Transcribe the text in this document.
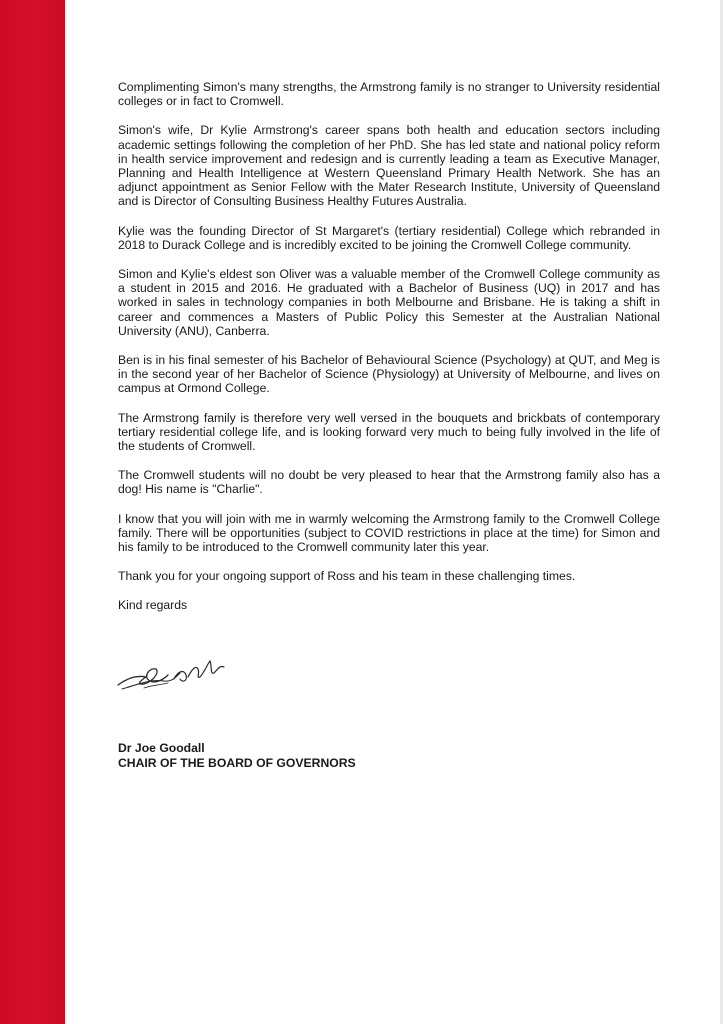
Complimenting Simon's many strengths, the Armstrong family is no stranger to University residential colleges or in fact to Cromwell.

Simon's wife, Dr Kylie Armstrong's career spans both health and education sectors including academic settings following the completion of her PhD. She has led state and national policy reform in health service improvement and redesign and is currently leading a team as Executive Manager, Planning and Health Intelligence at Western Queensland Primary Health Network. She has an adjunct appointment as Senior Fellow with the Mater Research Institute, University of Queensland and is Director of Consulting Business Healthy Futures Australia.

Kylie was the founding Director of St Margaret's (tertiary residential) College which rebranded in 2018 to Durack College and is incredibly excited to be joining the Cromwell College community.

Simon and Kylie's eldest son Oliver was a valuable member of the Cromwell College community as a student in 2015 and 2016. He graduated with a Bachelor of Business (UQ) in 2017 and has worked in sales in technology companies in both Melbourne and Brisbane. He is taking a shift in career and commences a Masters of Public Policy this Semester at the Australian National University (ANU), Canberra.

Ben is in his final semester of his Bachelor of Behavioural Science (Psychology) at QUT, and Meg is in the second year of her Bachelor of Science (Physiology) at University of Melbourne, and lives on campus at Ormond College.

The Armstrong family is therefore very well versed in the bouquets and brickbats of contemporary tertiary residential college life, and is looking forward very much to being fully involved in the life of the students of Cromwell.

The Cromwell students will no doubt be very pleased to hear that the Armstrong family also has a dog! His name is "Charlie".

I know that you will join with me in warmly welcoming the Armstrong family to the Cromwell College family. There will be opportunities (subject to COVID restrictions in place at the time) for Simon and his family to be introduced to the Cromwell community later this year.

Thank you for your ongoing support of Ross and his team in these challenging times.

Kind regards

Dr Joe Goodall
CHAIR OF THE BOARD OF GOVERNORS
